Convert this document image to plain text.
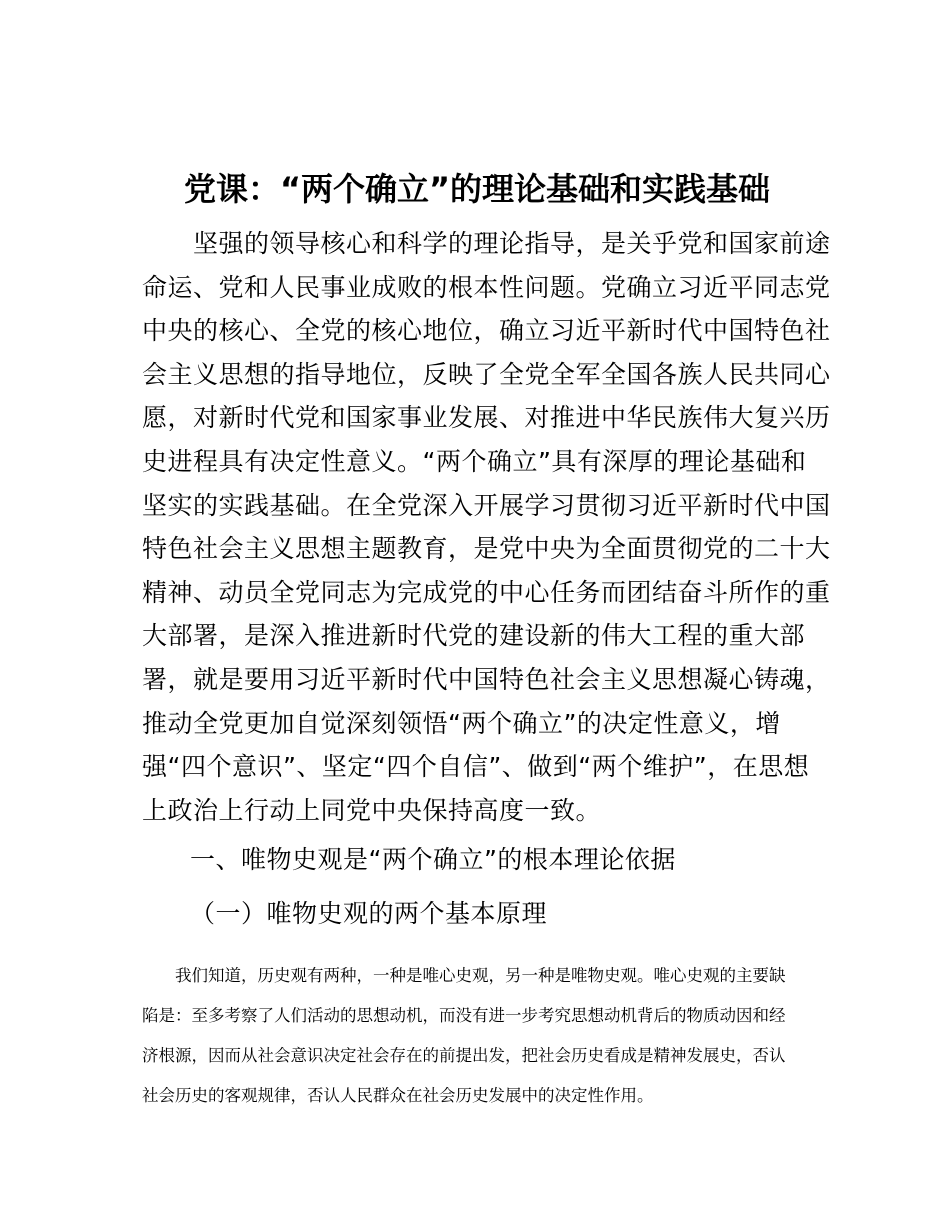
党课：“两个确立”的理论基础和实践基础
　　坚强的领导核心和科学的理论指导，是关乎党和国家前途
命运、党和人民事业成败的根本性问题。党确立习近平同志党
中央的核心、全党的核心地位，确立习近平新时代中国特色社
会主义思想的指导地位，反映了全党全军全国各族人民共同心
愿，对新时代党和国家事业发展、对推进中华民族伟大复兴历
史进程具有决定性意义。“两个确立”具有深厚的理论基础和
坚实的实践基础。在全党深入开展学习贯彻习近平新时代中国
特色社会主义思想主题教育，是党中央为全面贯彻党的二十大
精神、动员全党同志为完成党的中心任务而团结奋斗所作的重
大部署，是深入推进新时代党的建设新的伟大工程的重大部
署，就是要用习近平新时代中国特色社会主义思想凝心铸魂，
推动全党更加自觉深刻领悟“两个确立”的决定性意义，增
强“四个意识”、坚定“四个自信”、做到“两个维护”，在思想
上政治上行动上同党中央保持高度一致。
一、唯物史观是“两个确立”的根本理论依据
（一）唯物史观的两个基本原理
　　我们知道，历史观有两种，一种是唯心史观，另一种是唯物史观。唯心史观的主要缺
陷是：至多考察了人们活动的思想动机，而没有进一步考究思想动机背后的物质动因和经
济根源，因而从社会意识决定社会存在的前提出发，把社会历史看成是精神发展史，否认
社会历史的客观规律，否认人民群众在社会历史发展中的决定性作用。
